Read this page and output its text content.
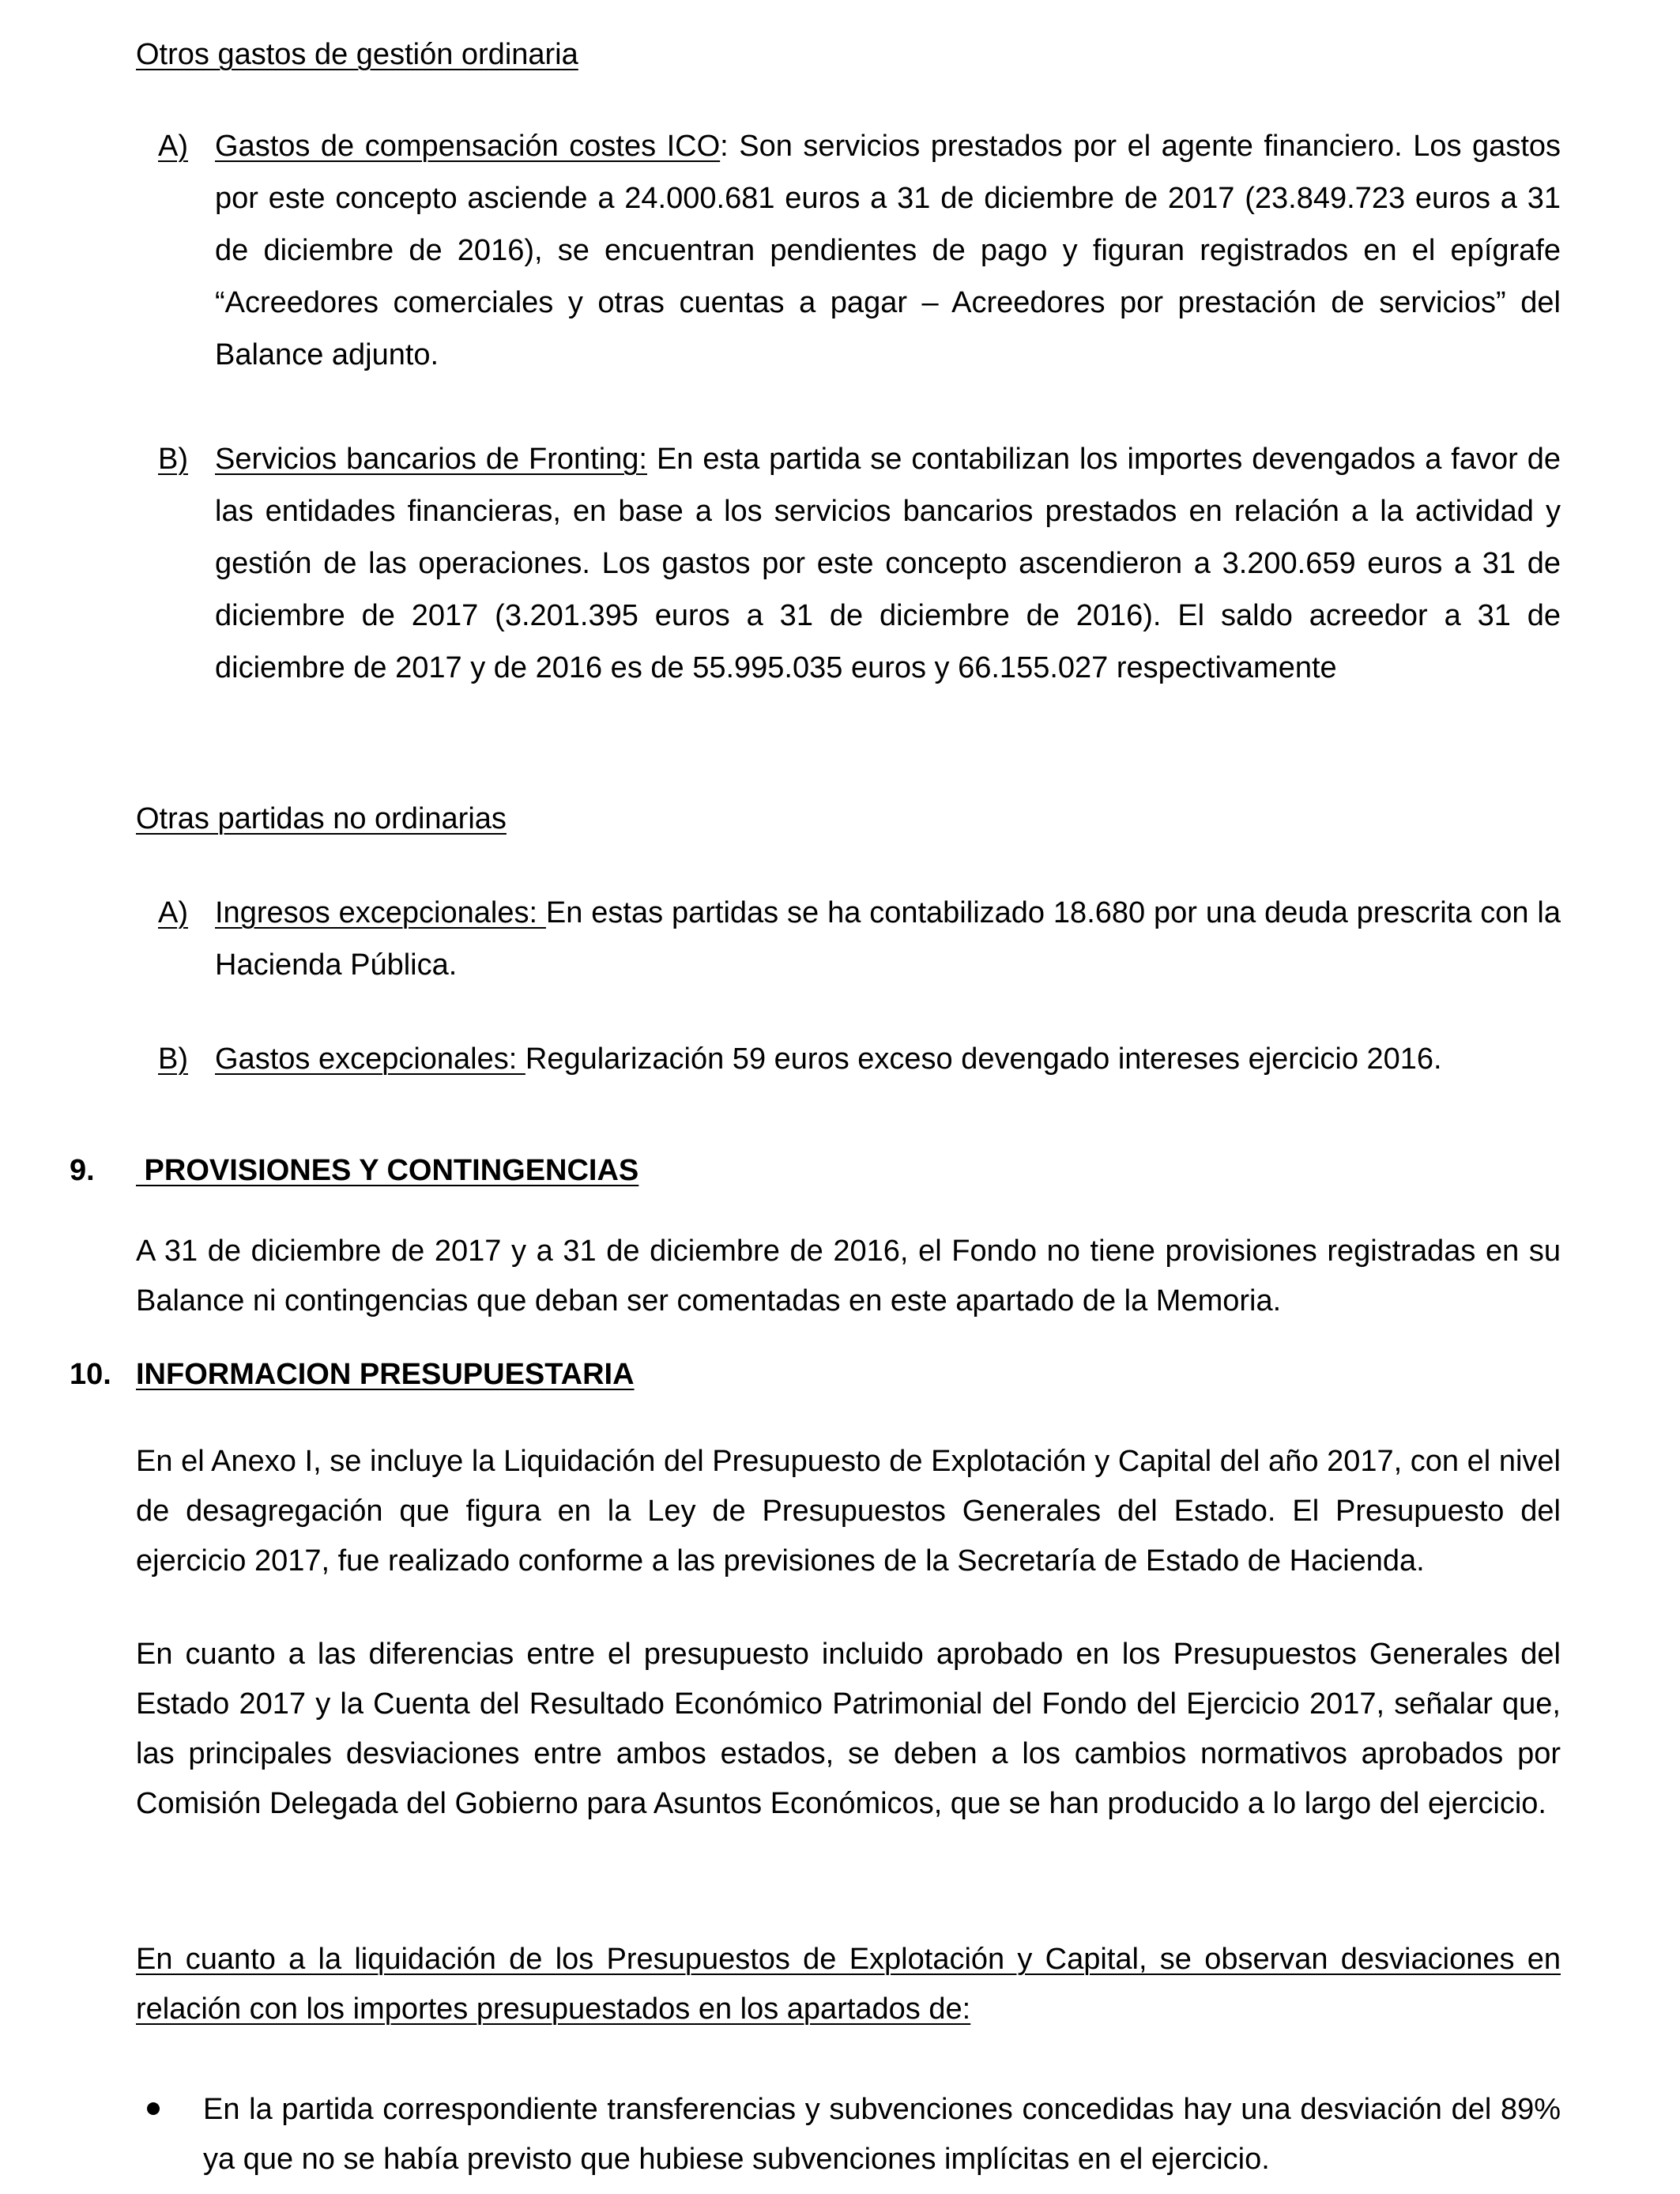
Otros gastos de gestión ordinaria
A) Gastos de compensación costes ICO: Son servicios prestados por el agente financiero. Los gastos por este concepto asciende a 24.000.681 euros a 31 de diciembre de 2017 (23.849.723 euros a 31 de diciembre de 2016), se encuentran pendientes de pago y figuran registrados en el epígrafe “Acreedores comerciales y otras cuentas a pagar – Acreedores por prestación de servicios” del Balance adjunto.
B) Servicios bancarios de Fronting: En esta partida se contabilizan los importes devengados a favor de las entidades financieras, en base a los servicios bancarios prestados en relación a la actividad y gestión de las operaciones. Los gastos por este concepto ascendieron a 3.200.659 euros a 31 de diciembre de 2017 (3.201.395 euros a 31 de diciembre de 2016). El saldo acreedor a 31 de diciembre de 2017 y de 2016 es de 55.995.035 euros y 66.155.027 respectivamente
Otras partidas no ordinarias
A) Ingresos excepcionales: En estas partidas se ha contabilizado 18.680 por una deuda prescrita con la Hacienda Pública.
B) Gastos excepcionales: Regularización 59 euros exceso devengado intereses ejercicio 2016.
9. PROVISIONES Y CONTINGENCIAS
A 31 de diciembre de 2017 y a 31 de diciembre de 2016, el Fondo no tiene provisiones registradas en su Balance ni contingencias que deban ser comentadas en este apartado de la Memoria.
10. INFORMACION PRESUPUESTARIA
En el Anexo I, se incluye la Liquidación del Presupuesto de Explotación y Capital del año 2017, con el nivel de desagregación que figura en la Ley de Presupuestos Generales del Estado. El Presupuesto del ejercicio 2017, fue realizado conforme a las previsiones de la Secretaría de Estado de Hacienda.
En cuanto a las diferencias entre el presupuesto incluido aprobado en los Presupuestos Generales del Estado 2017 y la Cuenta del Resultado Económico Patrimonial del Fondo del Ejercicio 2017, señalar que, las principales desviaciones entre ambos estados, se deben a los cambios normativos aprobados por Comisión Delegada del Gobierno para Asuntos Económicos, que se han producido a lo largo del ejercicio.
En cuanto a la liquidación de los Presupuestos de Explotación y Capital, se observan desviaciones en relación con los importes presupuestados en los apartados de:
En la partida correspondiente transferencias y subvenciones concedidas hay una desviación del 89% ya que no se había previsto que hubiese subvenciones implícitas en el ejercicio.
